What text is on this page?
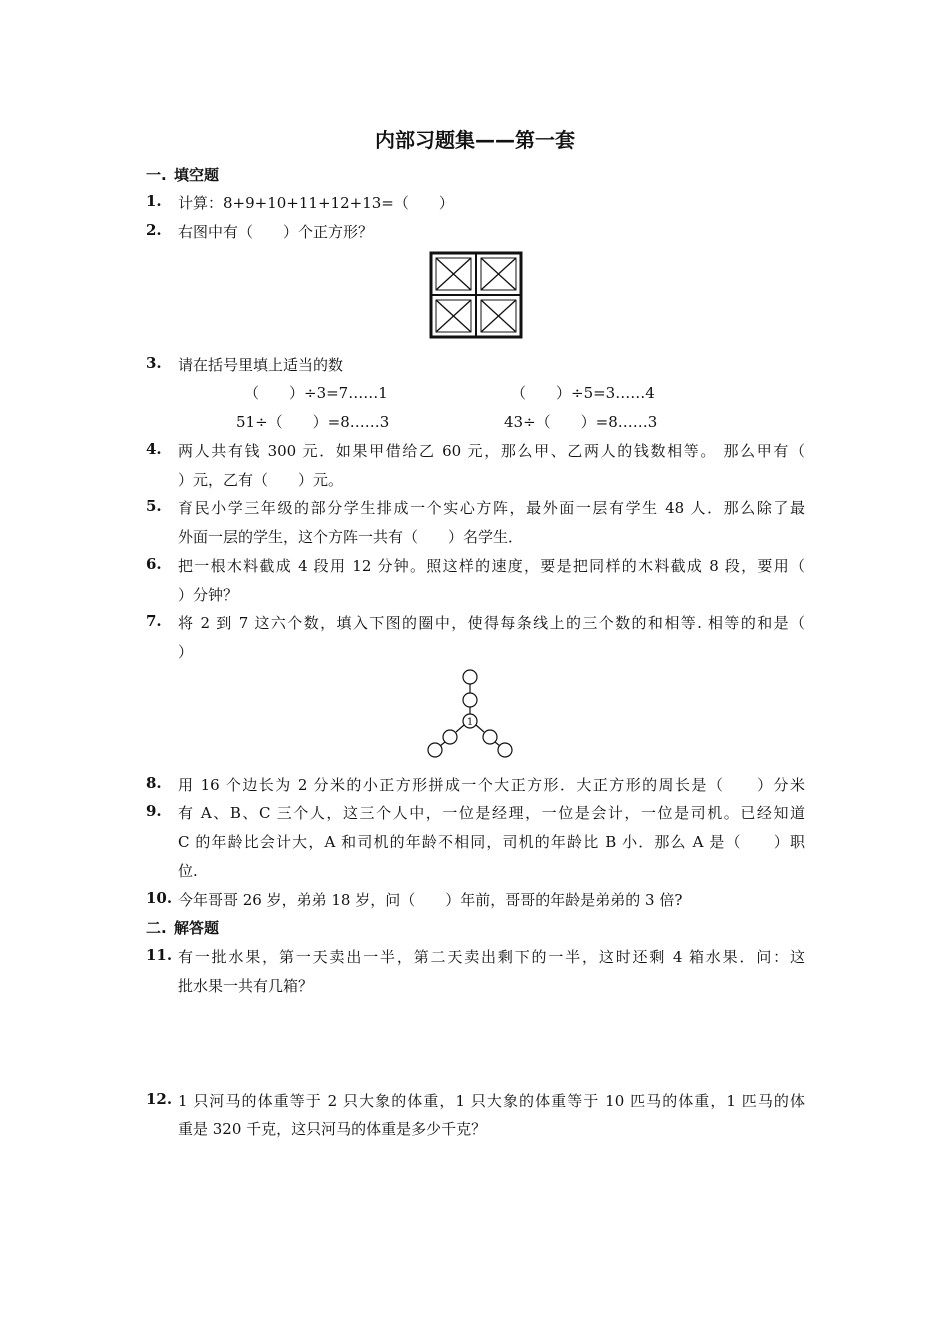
内部习题集——第一套
一. 填空题
1. 计算：8+9+10+11+12+13=（　　）
2. 右图中有（　　）个正方形？
3. 请在括号里填上适当的数
（　　）÷3=7……1	（　　）÷5=3……4
51÷（　　）=8……3	43÷（　　）=8……3
4. 两人共有钱 300 元．如果甲借给乙 60 元，那么甲、乙两人的钱数相等。 那么甲有（
）元，乙有（　　）元。
5. 育民小学三年级的部分学生排成一个实心方阵，最外面一层有学生 48 人．那么除了最
外面一层的学生，这个方阵一共有（　　）名学生．
6. 把一根木料截成 4 段用 12 分钟。照这样的速度，要是把同样的木料截成 8 段，要用（
）分钟？
7. 将 2 到 7 这六个数，填入下图的圈中，使得每条线上的三个数的和相等. 相等的和是（
）
1
8. 用 16 个边长为 2 分米的小正方形拼成一个大正方形．大正方形的周长是（　　）分米
9. 有 A、B、C 三个人，这三个人中，一位是经理，一位是会计，一位是司机。已经知道
C 的年龄比会计大，A 和司机的年龄不相同，司机的年龄比 B 小．那么 A 是（　　）职
位.
10. 今年哥哥 26 岁，弟弟 18 岁，问（　　）年前，哥哥的年龄是弟弟的 3 倍?
二. 解答题
11. 有一批水果，第一天卖出一半，第二天卖出剩下的一半，这时还剩 4 箱水果．问：这
批水果一共有几箱？
12. 1 只河马的体重等于 2 只大象的体重，1 只大象的体重等于 10 匹马的体重，1 匹马的体
重是 320 千克，这只河马的体重是多少千克？
